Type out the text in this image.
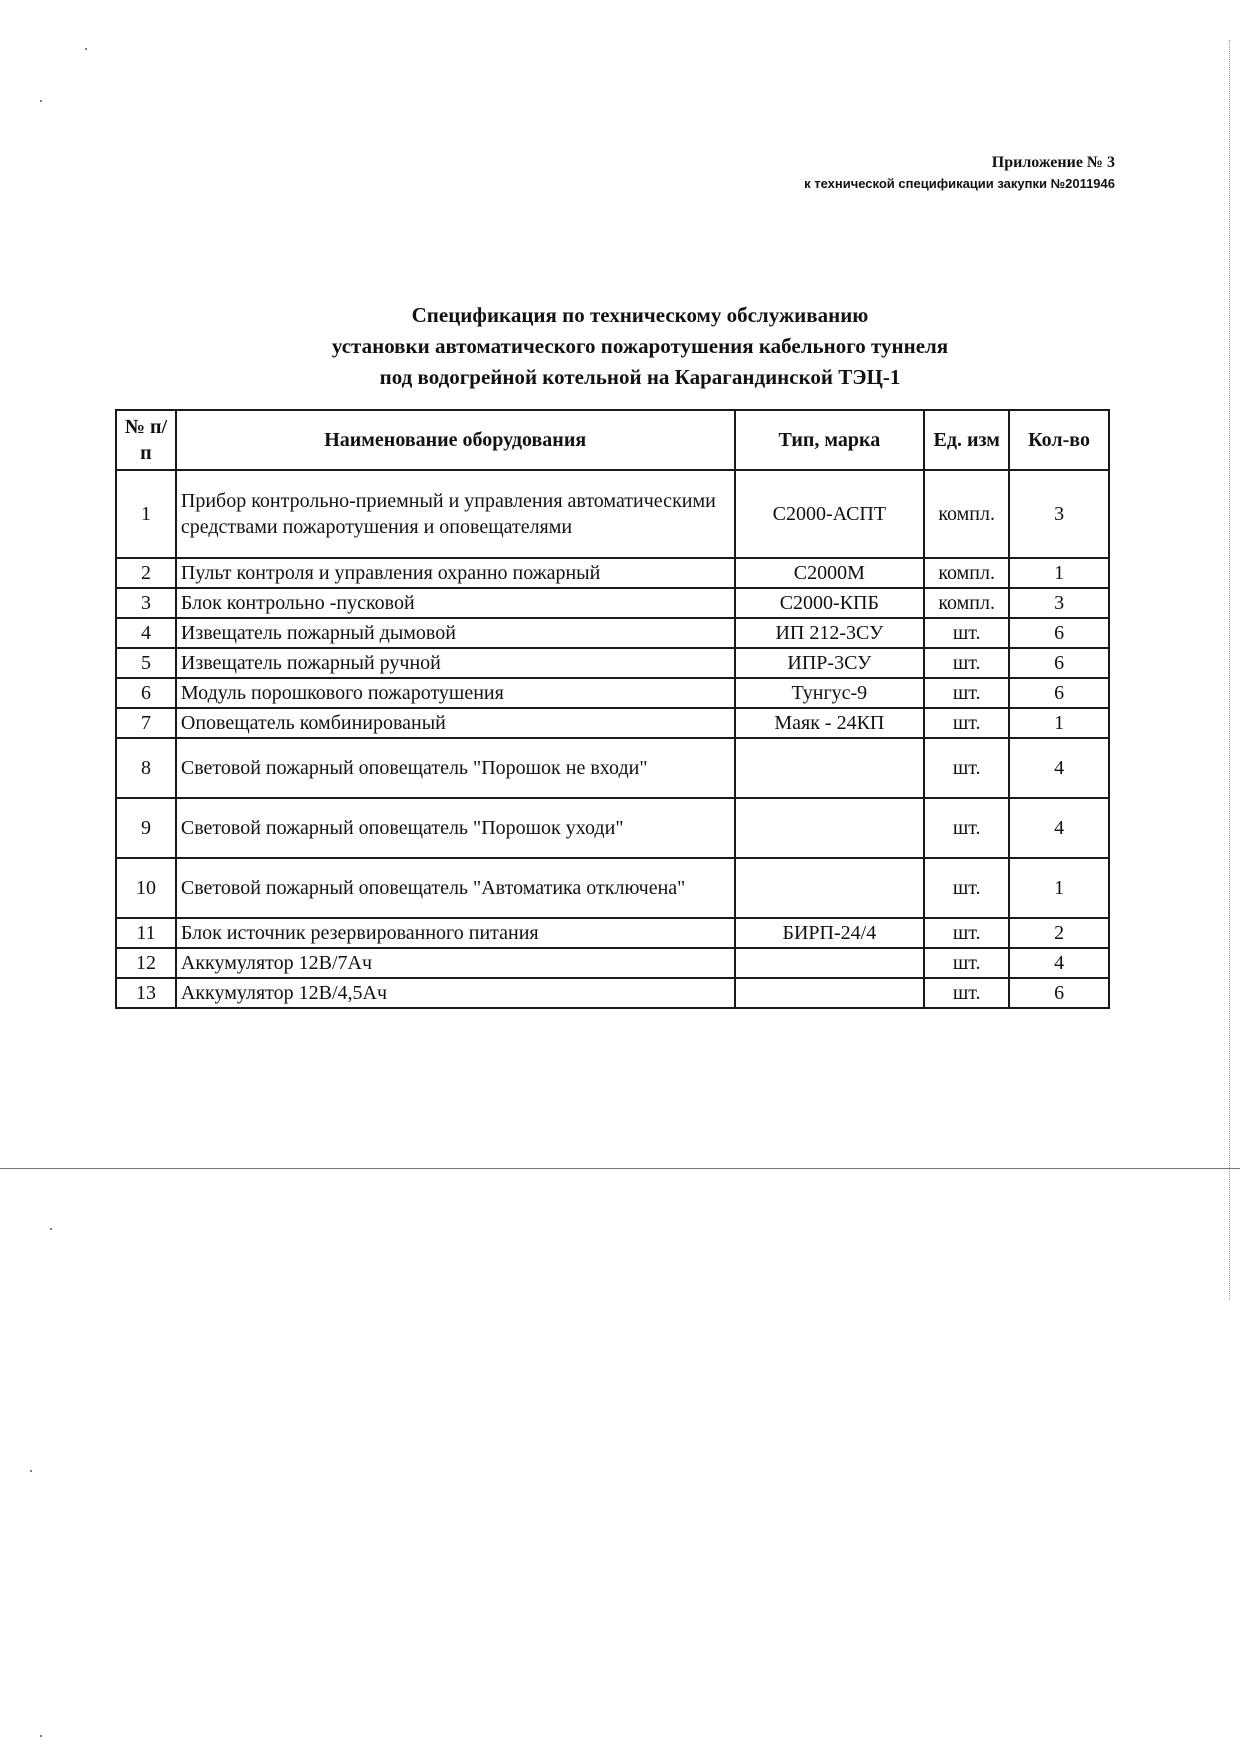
Приложение № 3
к технической спецификации закупки №2011946
Спецификация по техническому обслуживанию
установки автоматического пожаротушения кабельного туннеля
под водогрейной котельной на Карагандинской ТЭЦ-1
№ п/п	Наименование оборудования	Тип, марка	Ед. изм	Кол-во
1	Прибор контрольно-приемный и управления автоматическими средствами пожаротушения и оповещателями	С2000-АСПТ	компл.	3
2	Пульт контроля и управления охранно пожарный	С2000М	компл.	1
3	Блок контрольно -пусковой	С2000-КПБ	компл.	3
4	Извещатель пожарный дымовой	ИП 212-3СУ	шт.	6
5	Извещатель пожарный ручной	ИПР-3СУ	шт.	6
6	Модуль порошкового пожаротушения	Тунгус-9	шт.	6
7	Оповещатель комбинированый	Маяк - 24КП	шт.	1
8	Световой пожарный оповещатель "Порошок не входи"		шт.	4
9	Световой пожарный оповещатель "Порошок уходи"		шт.	4
10	Световой пожарный оповещатель "Автоматика отключена"		шт.	1
11	Блок источник резервированного питания	БИРП-24/4	шт.	2
12	Аккумулятор 12В/7Ач		шт.	4
13	Аккумулятор 12В/4,5Ач		шт.	6
